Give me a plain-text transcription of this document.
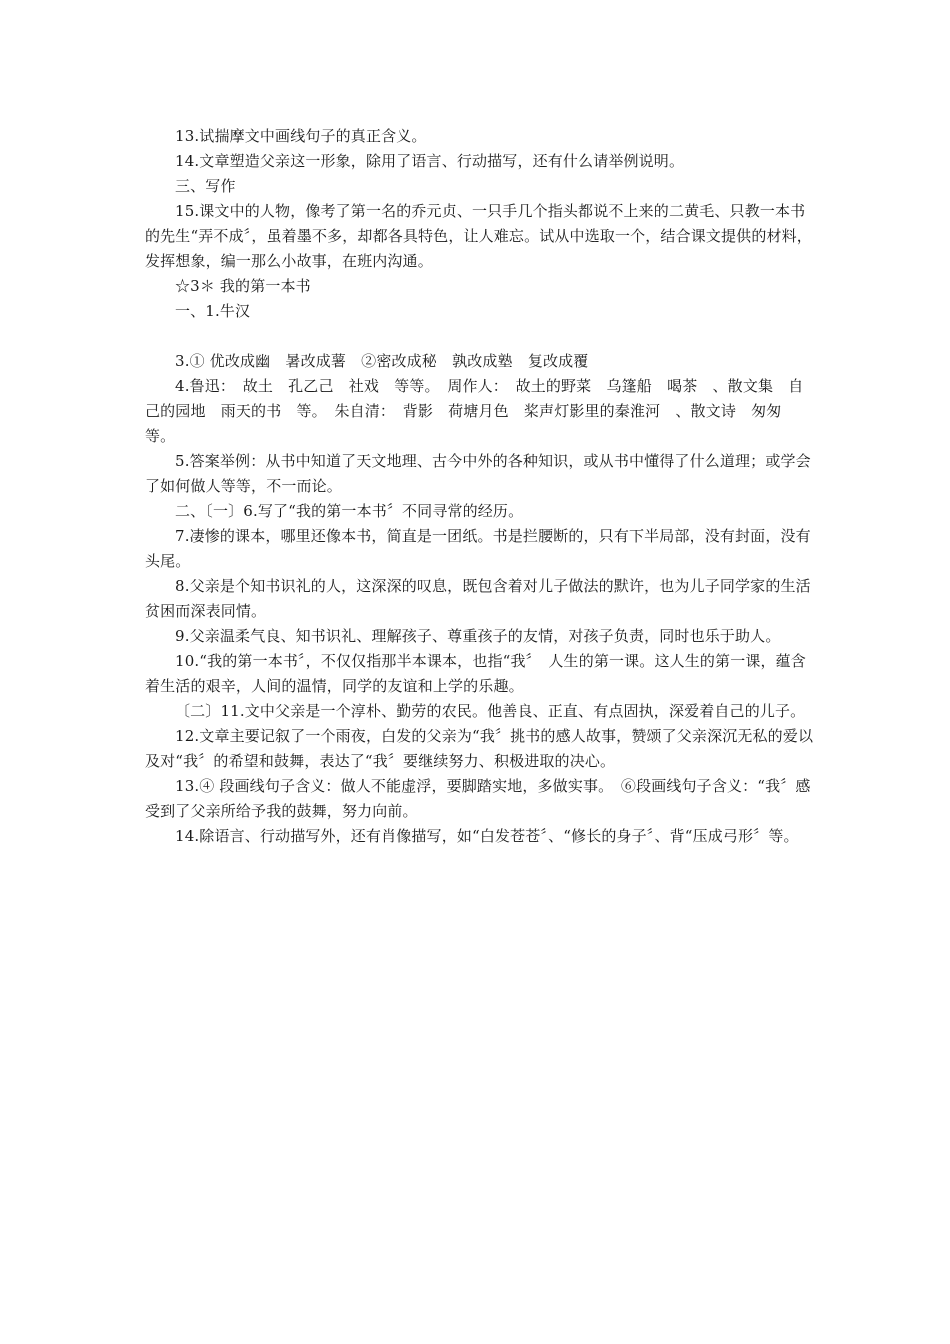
13.试揣摩文中画线句子的真正含义。

14.文章塑造父亲这一形象，除用了语言、行动描写，还有什么请举例说明。

三、写作

15.课文中的人物，像考了第一名的乔元贞、一只手几个指头都说不上来的二黄毛、只教一本书的先生“弄不成〞，虽着墨不多，却都各具特色，让人难忘。试从中选取一个，结合课文提供的材料，发挥想象，编一那么小故事，在班内沟通。

☆3＊ 我的第一本书

一、1.牛汉

3.① 优改成幽　暑改成薯　②密改成秘　孰改成塾　复改成覆

4.鲁迅：　故土　孔乙己　社戏　等等。　周作人：　故土的野菜　乌篷船　喝茶　、散文集　自己的园地　雨天的书　等。　朱自清：　背影　荷塘月色　桨声灯影里的秦淮河　、散文诗　匆匆　等。

5.答案举例：从书中知道了天文地理、古今中外的各种知识，或从书中懂得了什么道理；或学会了如何做人等等，不一而论。

二、〔一〕6.写了“我的第一本书〞不同寻常的经历。

7.凄惨的课本，哪里还像本书，简直是一团纸。书是拦腰断的，只有下半局部，没有封面，没有头尾。

8.父亲是个知书识礼的人，这深深的叹息，既包含着对儿子做法的默许，也为儿子同学家的生活贫困而深表同情。

9.父亲温柔气良、知书识礼、理解孩子、尊重孩子的友情，对孩子负责，同时也乐于助人。

10.“我的第一本书〞，不仅仅指那半本课本，也指“我〞　人生的第一课。这人生的第一课，蕴含着生活的艰辛，人间的温情，同学的友谊和上学的乐趣。

〔二〕11.文中父亲是一个淳朴、勤劳的农民。他善良、正直、有点固执，深爱着自己的儿子。

12.文章主要记叙了一个雨夜，白发的父亲为“我〞挑书的感人故事，赞颂了父亲深沉无私的爱以及对“我〞的希望和鼓舞，表达了“我〞要继续努力、积极进取的决心。

13.④ 段画线句子含义：做人不能虚浮，要脚踏实地，多做实事。　⑥段画线句子含义：“我〞感受到了父亲所给予我的鼓舞，努力向前。

14.除语言、行动描写外，还有肖像描写，如“白发苍苍〞、“修长的身子〞、背“压成弓形〞等。
